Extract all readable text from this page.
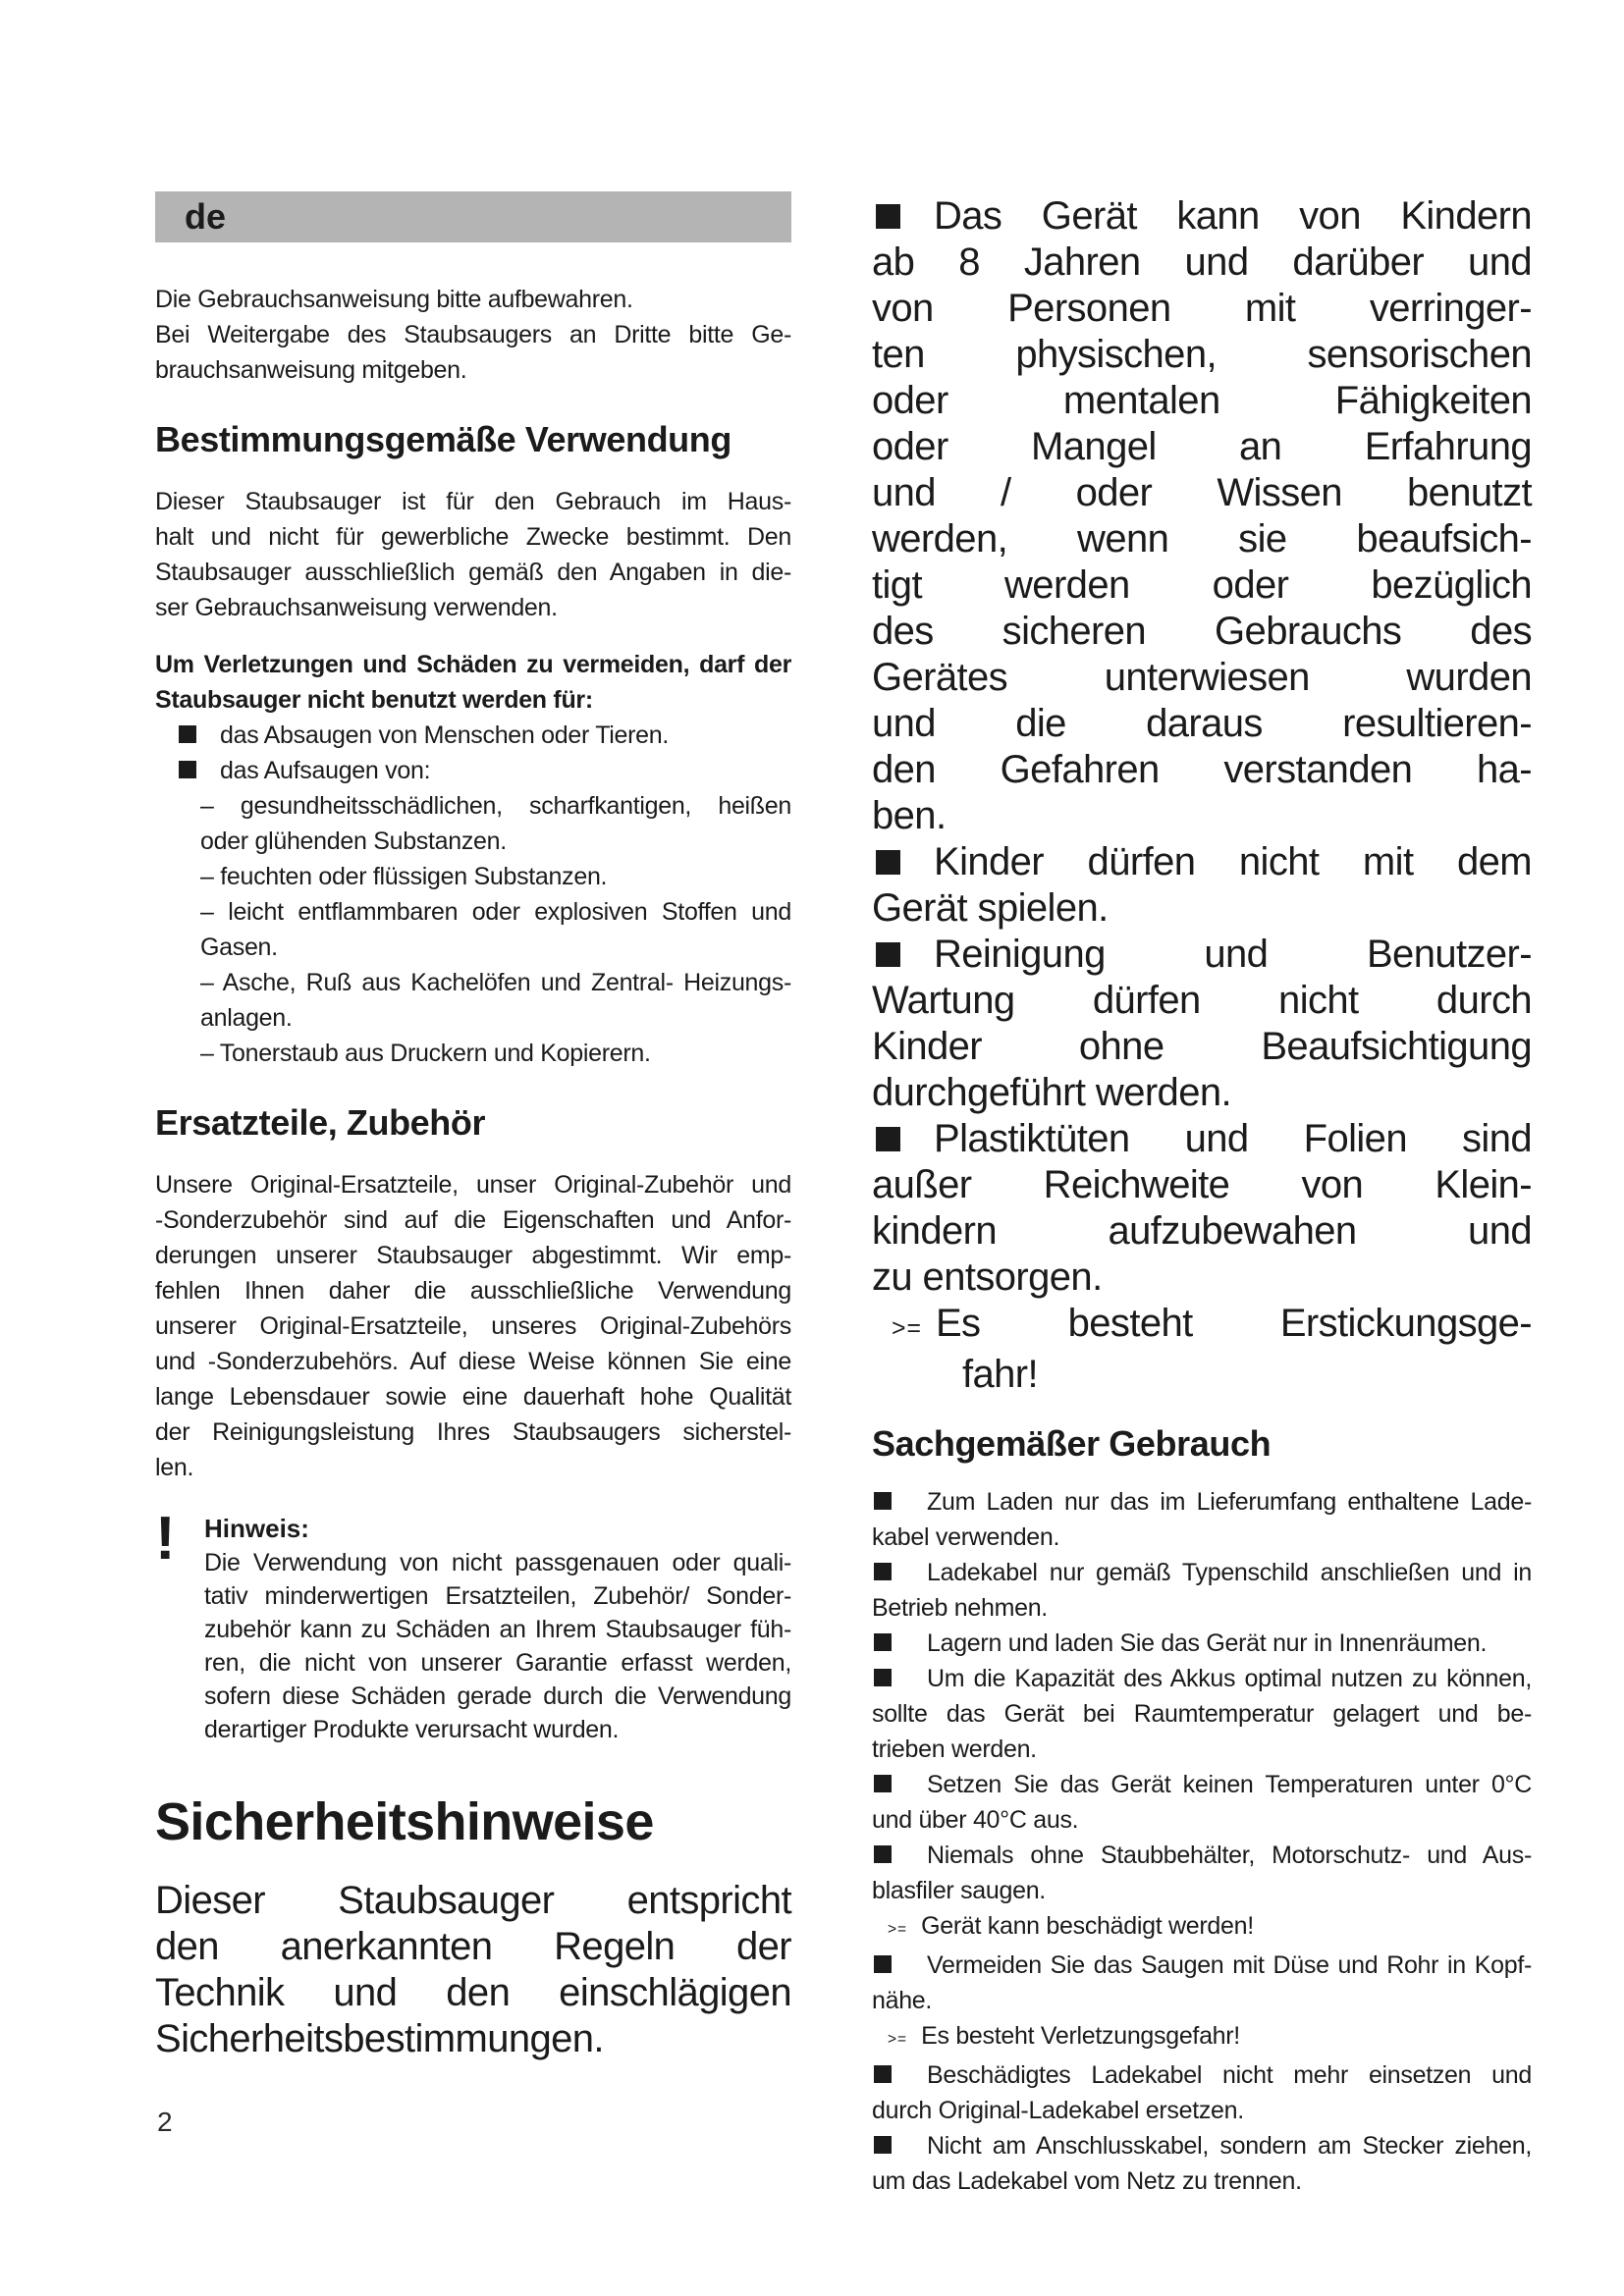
de
Die Gebrauchsanweisung bitte aufbewahren.
Bei Weitergabe des Staubsaugers an Dritte bitte Ge-
brauchsanweisung mitgeben.
Bestimmungsgemäße Verwendung
Dieser Staubsauger ist für den Gebrauch im Haus-
halt und nicht für gewerbliche Zwecke bestimmt. Den
Staubsauger ausschließlich gemäß den Angaben in die-
ser Gebrauchsanweisung verwenden.
Um Verletzungen und Schäden zu vermeiden, darf der
Staubsauger nicht benutzt werden für:
das Absaugen von Menschen oder Tieren.
das Aufsaugen von:
– gesundheitsschädlichen, scharfkantigen, heißen
oder glühenden Substanzen.
– feuchten oder flüssigen Substanzen.
– leicht entflammbaren oder explosiven Stoffen und
Gasen.
– Asche, Ruß aus Kachelöfen und Zentral- Heizungs-
anlagen.
– Tonerstaub aus Druckern und Kopierern.
Ersatzteile, Zubehör
Unsere Original-Ersatzteile, unser Original-Zubehör und
-Sonderzubehör sind auf die Eigenschaften und Anfor-
derungen unserer Staubsauger abgestimmt. Wir emp-
fehlen Ihnen daher die ausschließliche Verwendung
unserer Original-Ersatzteile, unseres Original-Zubehörs
und -Sonderzubehörs. Auf diese Weise können Sie eine
lange Lebensdauer sowie eine dauerhaft hohe Qualität
der Reinigungsleistung Ihres Staubsaugers sicherstel-
len.
!	Hinweis:
Die Verwendung von nicht passgenauen oder quali-
tativ minderwertigen Ersatzteilen, Zubehör/ Sonder-
zubehör kann zu Schäden an Ihrem Staubsauger füh-
ren, die nicht von unserer Garantie erfasst werden,
sofern diese Schäden gerade durch die Verwendung
derartiger Produkte verursacht wurden.
Sicherheitshinweise
Dieser Staubsauger entspricht
den anerkannten Regeln der
Technik und den einschlägigen
Sicherheitsbestimmungen.
Das Gerät kann von Kindern
ab 8 Jahren und darüber und
von Personen mit verringer-
ten physischen, sensorischen
oder mentalen Fähigkeiten
oder Mangel an Erfahrung
und / oder Wissen benutzt
werden, wenn sie beaufsich-
tigt werden oder bezüglich
des sicheren Gebrauchs des
Gerätes unterwiesen wurden
und die daraus resultieren-
den Gefahren verstanden ha-
ben.
Kinder dürfen nicht mit dem
Gerät spielen.
Reinigung und Benutzer-
Wartung dürfen nicht durch
Kinder ohne Beaufsichtigung
durchgeführt werden.
Plastiktüten und Folien sind
außer Reichweite von Klein-
kindern aufzubewahen und
zu entsorgen.
>= Es besteht Erstickungsge-
fahr!
Sachgemäßer Gebrauch
Zum Laden nur das im Lieferumfang enthaltene Lade-
kabel verwenden.
Ladekabel nur gemäß Typenschild anschließen und in
Betrieb nehmen.
Lagern und laden Sie das Gerät nur in Innenräumen.
Um die Kapazität des Akkus optimal nutzen zu können,
sollte das Gerät bei Raumtemperatur gelagert und be-
trieben werden.
Setzen Sie das Gerät keinen Temperaturen unter 0°C
und über 40°C aus.
Niemals ohne Staubbehälter, Motorschutz- und Aus-
blasfiler saugen.
>= Gerät kann beschädigt werden!
Vermeiden Sie das Saugen mit Düse und Rohr in Kopf-
nähe.
>= Es besteht Verletzungsgefahr!
Beschädigtes Ladekabel nicht mehr einsetzen und
durch Original-Ladekabel ersetzen.
Nicht am Anschlusskabel, sondern am Stecker ziehen,
um das Ladekabel vom Netz zu trennen.
2
